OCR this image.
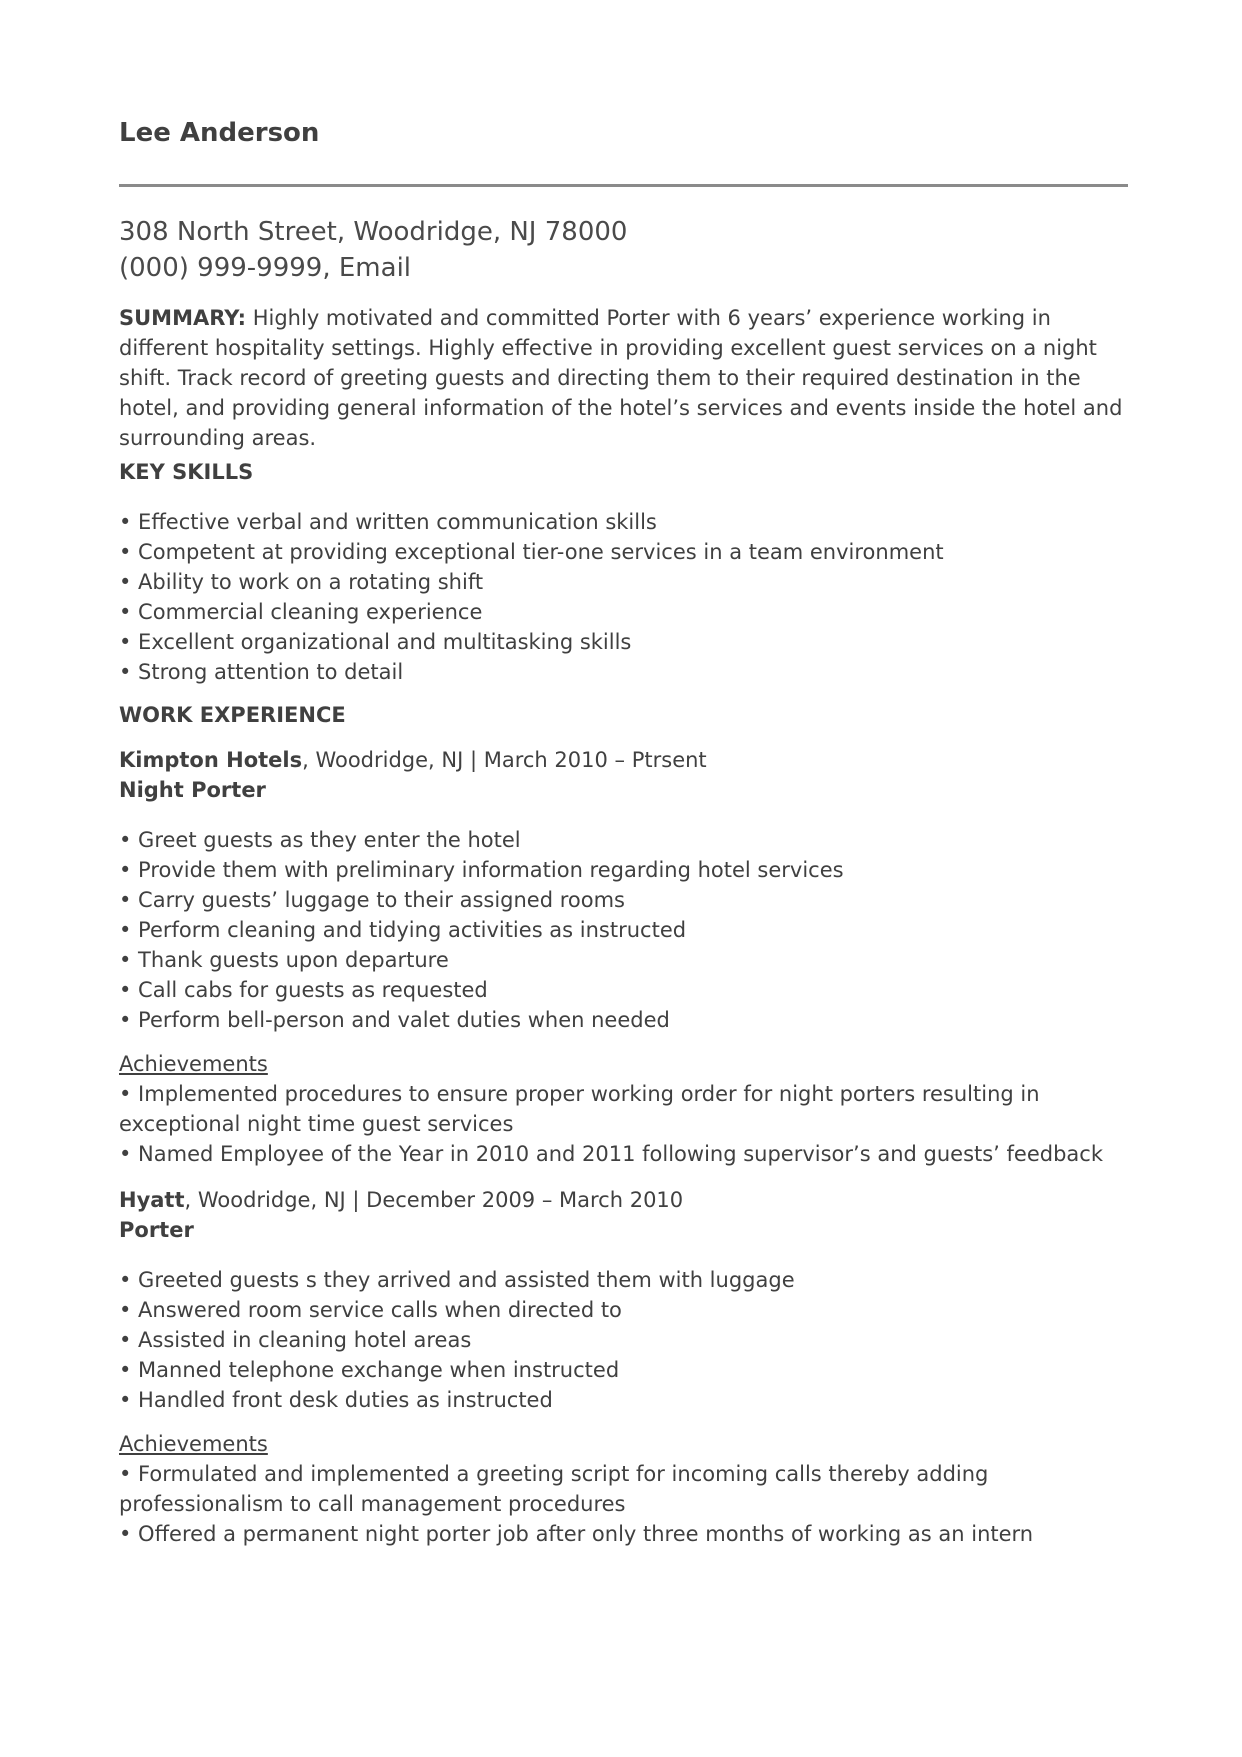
Lee Anderson
308 North Street, Woodridge, NJ 78000
(000) 999-9999, Email
SUMMARY: Highly motivated and committed Porter with 6 years’ experience working in different hospitality settings. Highly effective in providing excellent guest services on a night shift. Track record of greeting guests and directing them to their required destination in the hotel, and providing general information of the hotel’s services and events inside the hotel and surrounding areas.
KEY SKILLS
• Effective verbal and written communication skills
• Competent at providing exceptional tier-one services in a team environment
• Ability to work on a rotating shift
• Commercial cleaning experience
• Excellent organizational and multitasking skills
• Strong attention to detail
WORK EXPERIENCE
Kimpton Hotels, Woodridge, NJ | March 2010 – Ptrsent
Night Porter
• Greet guests as they enter the hotel
• Provide them with preliminary information regarding hotel services
• Carry guests’ luggage to their assigned rooms
• Perform cleaning and tidying activities as instructed
• Thank guests upon departure
• Call cabs for guests as requested
• Perform bell-person and valet duties when needed
Achievements
• Implemented procedures to ensure proper working order for night porters resulting in exceptional night time guest services
• Named Employee of the Year in 2010 and 2011 following supervisor’s and guests’ feedback
Hyatt, Woodridge, NJ | December 2009 – March 2010
Porter
• Greeted guests s they arrived and assisted them with luggage
• Answered room service calls when directed to
• Assisted in cleaning hotel areas
• Manned telephone exchange when instructed
• Handled front desk duties as instructed
Achievements
• Formulated and implemented a greeting script for incoming calls thereby adding professionalism to call management procedures
• Offered a permanent night porter job after only three months of working as an intern
